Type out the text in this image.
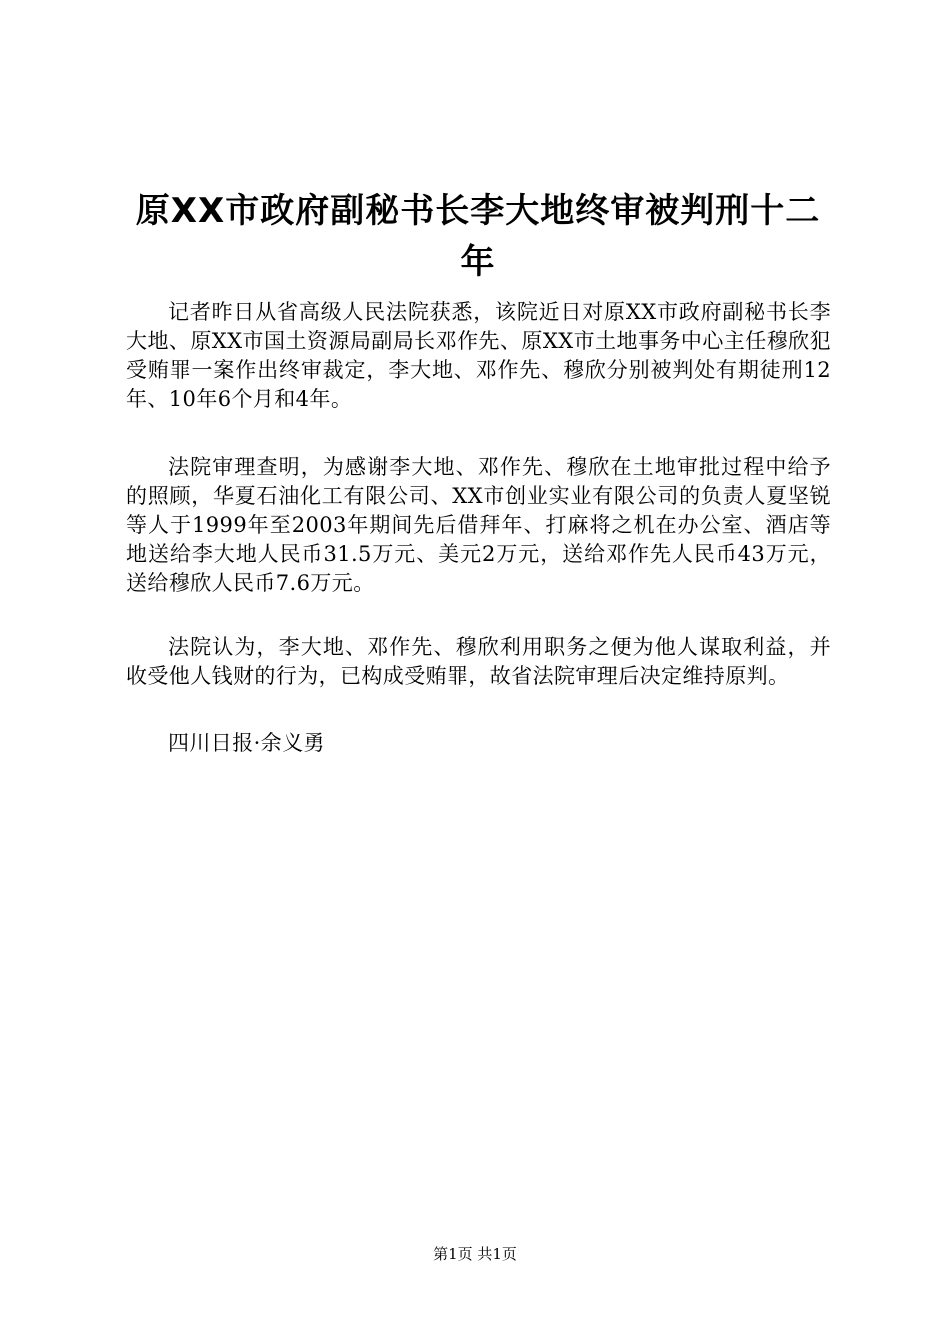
原XX市政府副秘书长李大地终审被判刑十二年

记者昨日从省高级人民法院获悉，该院近日对原XX市政府副秘书长李大地、原XX市国土资源局副局长邓作先、原XX市土地事务中心主任穆欣犯受贿罪一案作出终审裁定，李大地、邓作先、穆欣分别被判处有期徒刑12年、10年6个月和4年。

法院审理查明，为感谢李大地、邓作先、穆欣在土地审批过程中给予的照顾，华夏石油化工有限公司、XX市创业实业有限公司的负责人夏坚锐等人于1999年至2003年期间先后借拜年、打麻将之机在办公室、酒店等地送给李大地人民币31.5万元、美元2万元，送给邓作先人民币43万元，送给穆欣人民币7.6万元。

法院认为，李大地、邓作先、穆欣利用职务之便为他人谋取利益，并收受他人钱财的行为，已构成受贿罪，故省法院审理后决定维持原判。

四川日报·余义勇

第1页 共1页
